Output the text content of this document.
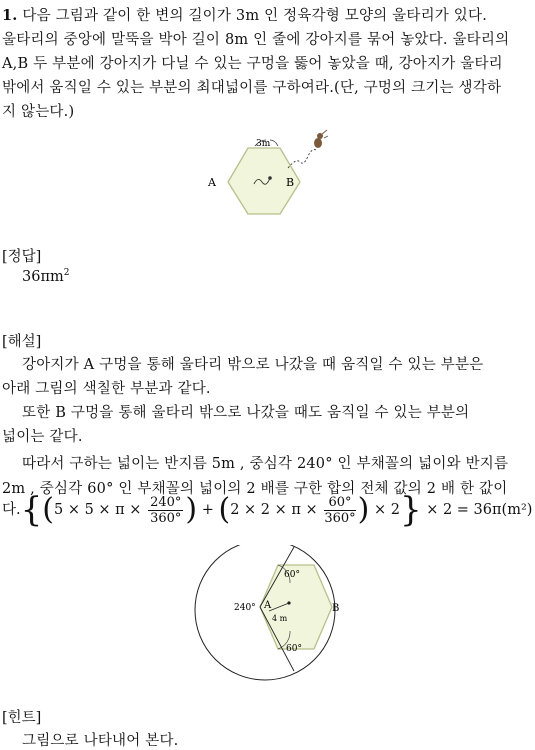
1. 다음 그림과 같이 한 변의 길이가 3m 인 정육각형 모양의 울타리가 있다.
울타리의 중앙에 말뚝을 박아 길이 8m 인 줄에 강아지를 묶어 놓았다. 울타리의
A,B 두 부분에 강아지가 다닐 수 있는 구멍을 뚫어 놓았을 때, 강아지가 울타리
밖에서 움직일 수 있는 부분의 최대넓이를 구하여라.(단, 구멍의 크기는 생각하
지 않는다.)
3m
A	B
[정답]
$36\pi m^2$
[해설]
강아지가 A 구멍을 통해 울타리 밖으로 나갔을 때 움직일 수 있는 부분은
아래 그림의 색칠한 부분과 같다.
또한 B 구멍을 통해 울타리 밖으로 나갔을 때도 움직일 수 있는 부분의
넓이는 같다.
따라서 구하는 넓이는 반지름 5m , 중심각 240° 인 부채꼴의 넓이와 반지름
2m , 중심각 60° 인 부채꼴의 넓이의 2 배를 구한 합의 전체 값의 2 배 한 값이
다$.\{(5 \times 5 \times \pi \times \frac{240^\circ}{360^\circ}$ ) + ($2 \times 2 \times \pi \times \frac{60^\circ}{360^\circ}$ ) × 2} × 2 = 36π(m²)
60°
240°
60°
A	B
4 m
[힌트]
그림으로 나타내어 본다.
